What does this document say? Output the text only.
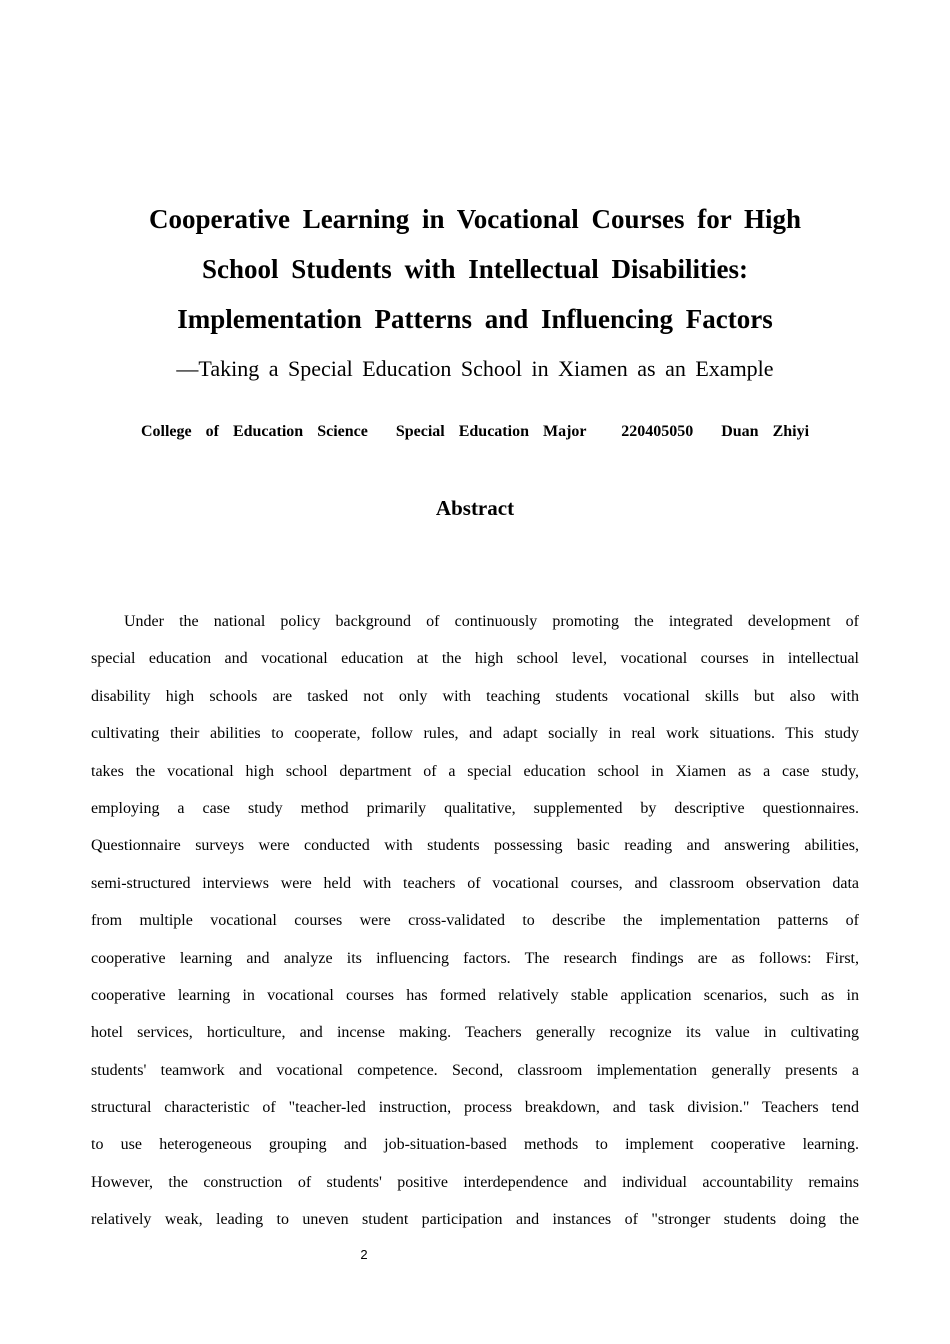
Cooperative Learning in Vocational Courses for High
School Students with Intellectual Disabilities:
Implementation Patterns and Influencing Factors

—Taking a Special Education School in Xiamen as an Example

College  of  Education  Science    Special  Education  Major     220405050    Duan  Zhiyi

Abstract
Under the national policy background of continuously promoting the integrated development of
special education and vocational education at the high school level, vocational courses in intellectual
disability high schools are tasked not only with teaching students vocational skills but also with
cultivating their abilities to cooperate, follow rules, and adapt socially in real work situations. This study
takes the vocational high school department of a special education school in Xiamen as a case study,
employing a case study method primarily qualitative, supplemented by descriptive questionnaires.
Questionnaire surveys were conducted with students possessing basic reading and answering abilities,
semi-structured interviews were held with teachers of vocational courses, and classroom observation data
from multiple vocational courses were cross-validated to describe the implementation patterns of
cooperative learning and analyze its influencing factors. The research findings are as follows: First,
cooperative learning in vocational courses has formed relatively stable application scenarios, such as in
hotel services, horticulture, and incense making. Teachers generally recognize its value in cultivating
students' teamwork and vocational competence. Second, classroom implementation generally presents a
structural characteristic of "teacher-led instruction, process breakdown, and task division." Teachers tend
to use heterogeneous grouping and job-situation-based methods to implement cooperative learning.
However, the construction of students' positive interdependence and individual accountability remains
relatively weak, leading to uneven student participation and instances of "stronger students doing the
2
